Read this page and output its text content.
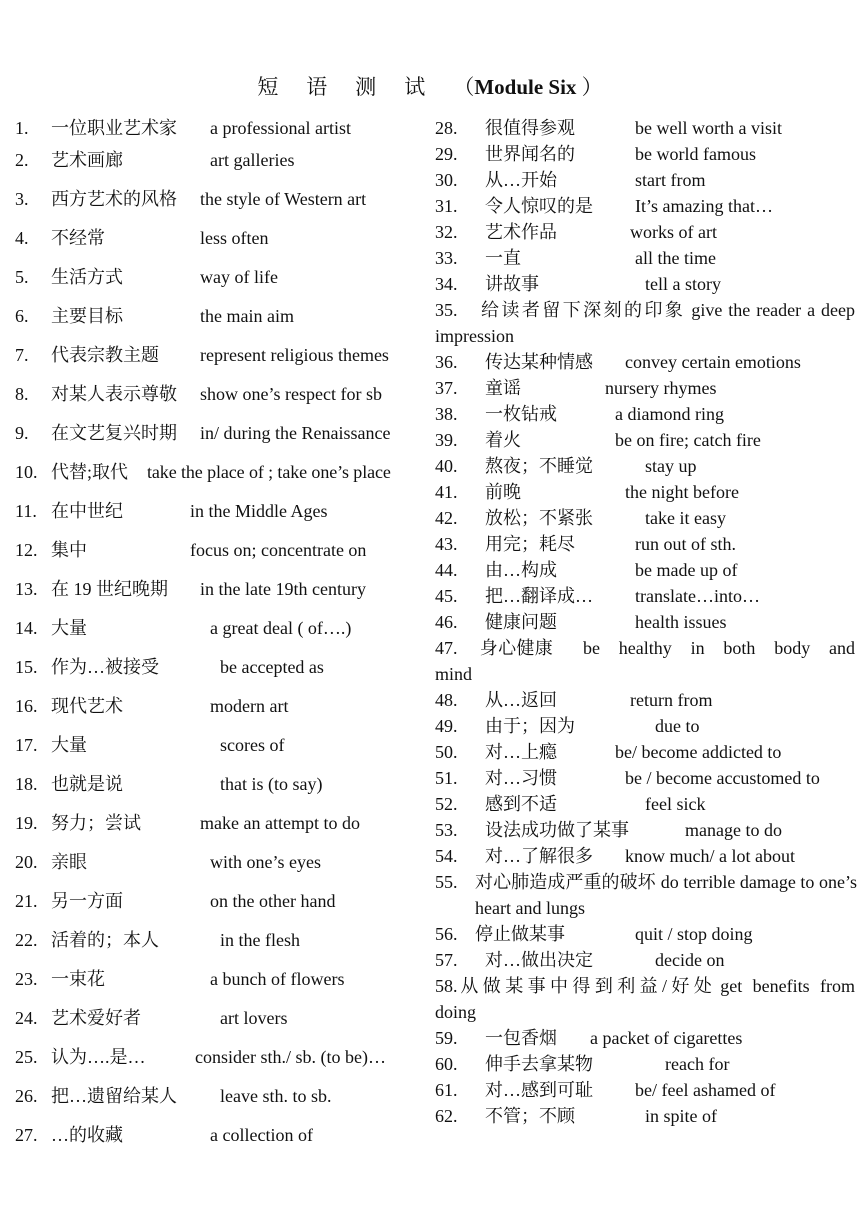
短语测试（Module Six ）
1. 一位职业艺术家 a professional artist
2. 艺术画廊	art galleries
3. 西方艺术的风格 the style of Western art
4. 不经常	less often
5. 生活方式	way of life
6. 主要目标	the main aim
7. 代表宗教主题 represent religious themes
8. 对某人表示尊敬 show one’s respect for sb
9. 在文艺复兴时期 in/ during the Renaissance
10. 代替;取代 take the place of ; take one’s place
11. 在中世纪	in the Middle Ages
12. 集中	focus on; concentrate on
13. 在 19 世纪晚期 in the late 19th century
14. 大量	a great deal ( of….)
15. 作为…被接受	be accepted as
16. 现代艺术	modern art
17. 大量	scores of
18. 也就是说	that is (to say)
19. 努力；尝试	make an attempt to do
20. 亲眼	with one’s eyes
21. 另一方面	on the other hand
22. 活着的；本人	in the flesh
23. 一束花	a bunch of flowers
24. 艺术爱好者	art lovers
25. 认为….是…	consider sth./ sb. (to be)…
26. 把…遗留给某人 leave sth. to sb.
27. …的收藏	a collection of
28. 很值得参观	be well worth a visit
29. 世界闻名的	be world famous
30. 从…开始	start from
31. 令人惊叹的是 It’s amazing that…
32. 艺术作品	works of art
33. 一直	all the time
34. 讲故事	tell a story
35. 给读者留下深刻的印象 give the reader a deep impression
36. 传达某种情感 convey certain emotions
37. 童谣	nursery rhymes
38. 一枚钻戒	a diamond ring
39. 着火	be on fire; catch fire
40. 熬夜；不睡觉	stay up
41. 前晚	the night before
42. 放松；不紧张	take it easy
43. 用完；耗尽	run out of sth.
44. 由…构成	be made up of
45. 把…翻译成… translate…into…
46. 健康问题	health issues
47. 身心健康 be healthy in both body and mind
48. 从…返回	return from
49. 由于；因为	due to
50. 对…上瘾	be/ become addicted to
51. 对…习惯	be / become accustomed to
52. 感到不适	feel sick
53. 设法成功做了某事	manage to do
54. 对…了解很多 know much/ a lot about
55. 对心肺造成严重的破坏 do terrible damage to one’s heart and lungs
56. 停止做某事	quit / stop doing
57. 对…做出决定	decide on
58.从做某事中得到利益/好处 get benefits from doing
59. 一包香烟 a packet of cigarettes
60. 伸手去拿某物	reach for
61. 对…感到可耻 be/ feel ashamed of
62. 不管；不顾	in spite of
